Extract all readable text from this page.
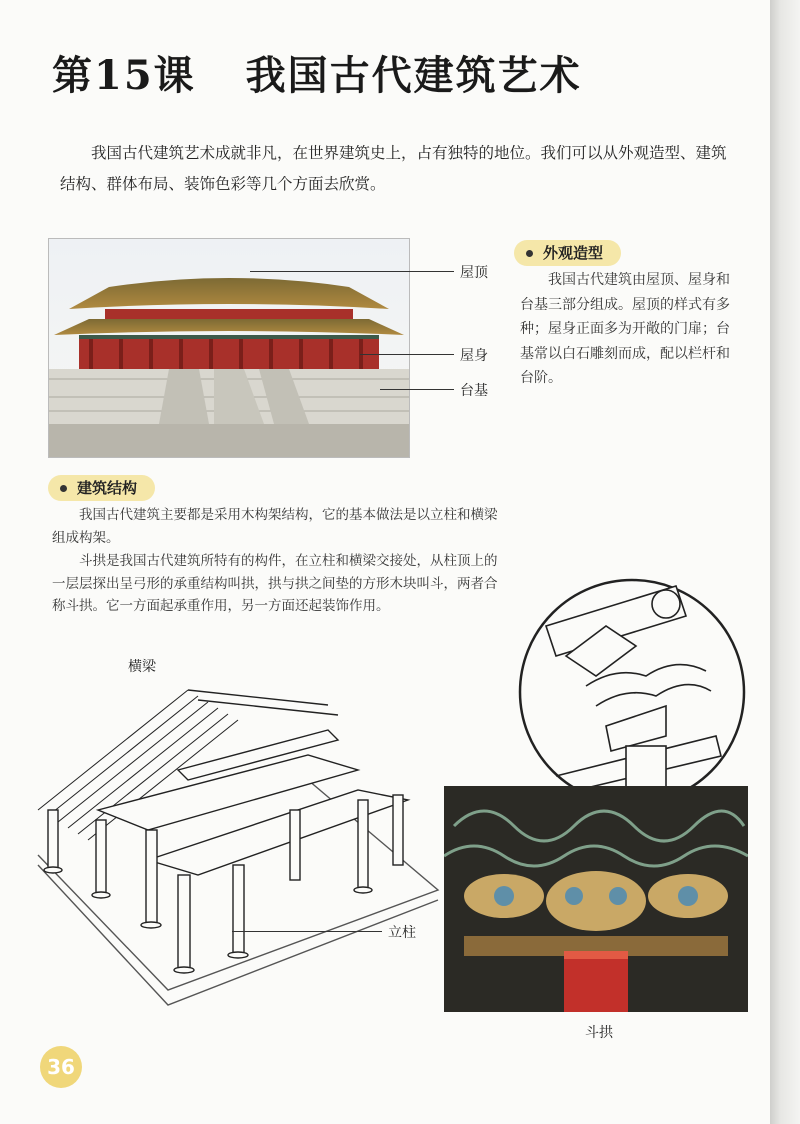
第15课 我国古代建筑艺术

我国古代建筑艺术成就非凡，在世界建筑史上，占有独特的地位。我们可以从外观造型、建筑结构、群体布局、装饰色彩等几个方面去欣赏。

屋顶
屋身
台基
外观造型

我国古代建筑由屋顶、屋身和台基三部分组成。屋顶的样式有多种；屋身正面多为开敞的门扉；台基常以白石雕刻而成，配以栏杆和台阶。

建筑结构

我国古代建筑主要都是采用木构架结构，它的基本做法是以立柱和横梁组成构架。

斗拱是我国古代建筑所特有的构件，在立柱和横梁交接处，从柱顶上的一层层探出呈弓形的承重结构叫拱，拱与拱之间垫的方形木块叫斗，两者合称斗拱。它一方面起承重作用，另一方面还起装饰作用。

横梁
立柱
斗拱
36
